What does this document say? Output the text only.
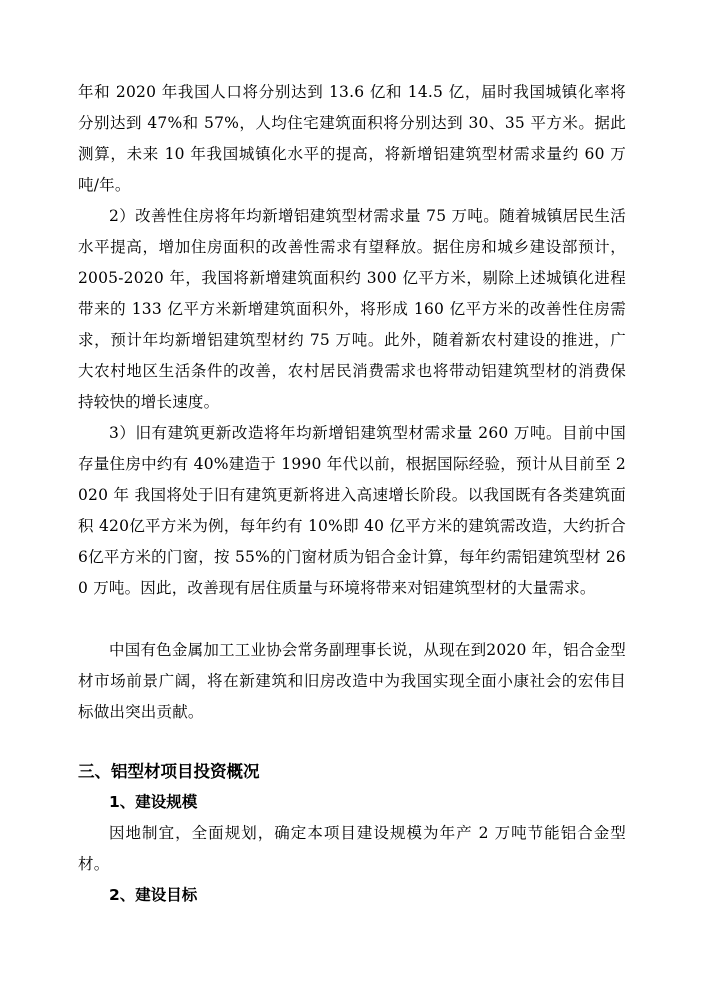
年和 2020 年我国人口将分别达到 13.6 亿和 14.5 亿，届时我国城镇化率将分别达到 47%和 57%，人均住宅建筑面积将分别达到 30、35 平方米。据此测算，未来 10 年我国城镇化水平的提高，将新增铝建筑型材需求量约 60 万吨/年。

2）改善性住房将年均新增铝建筑型材需求量 75 万吨。随着城镇居民生活水平提高，增加住房面积的改善性需求有望释放。据住房和城乡建设部预计， 2005-2020 年，我国将新增建筑面积约 300 亿平方米，剔除上述城镇化进程带来的 133 亿平方米新增建筑面积外，将形成 160 亿平方米的改善性住房需求，预计年均新增铝建筑型材约 75 万吨。此外，随着新农村建设的推进，广大农村地区生活条件的改善，农村居民消费需求也将带动铝建筑型材的消费保持较快的增长速度。

3）旧有建筑更新改造将年均新增铝建筑型材需求量 260 万吨。目前中国存量住房中约有 40%建造于 1990 年代以前，根据国际经验，预计从目前至 2020 年 我国将处于旧有建筑更新将进入高速增长阶段。以我国既有各类建筑面积 420亿平方米为例，每年约有 10%即 40 亿平方米的建筑需改造，大约折合 6亿平方米的门窗，按 55%的门窗材质为铝合金计算，每年约需铝建筑型材 260 万吨。因此，改善现有居住质量与环境将带来对铝建筑型材的大量需求。

中国有色金属加工工业协会常务副理事长说，从现在到2020 年，铝合金型材市场前景广阔，将在新建筑和旧房改造中为我国实现全面小康社会的宏伟目标做出突出贡献。

三、铝型材项目投资概况
1、建设规模

因地制宜，全面规划，确定本项目建设规模为年产 2 万吨节能铝合金型材。

2、建设目标
